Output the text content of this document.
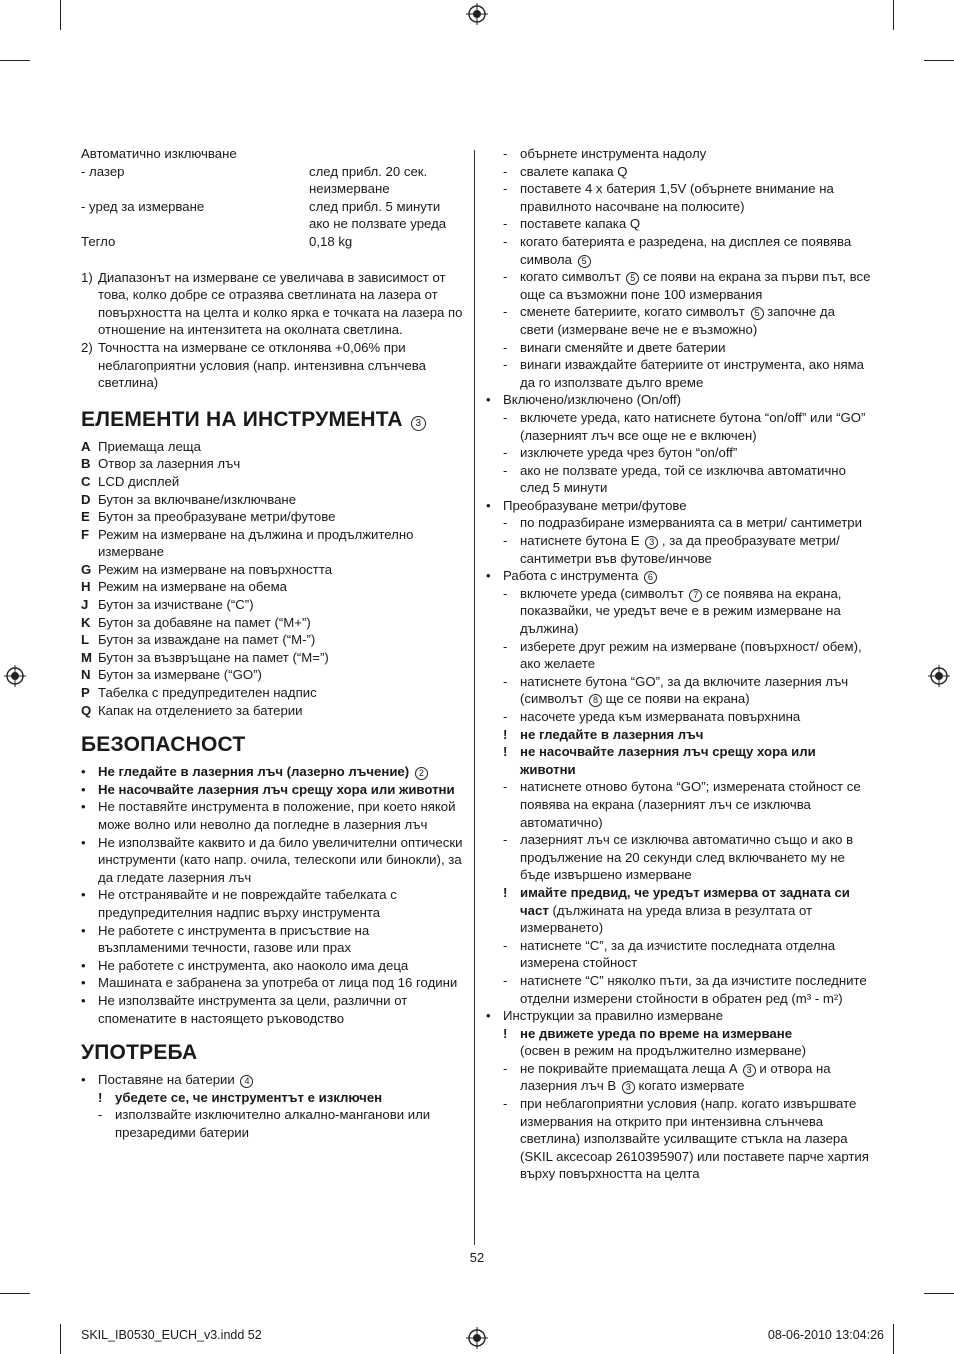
Автоматично изключване
- лазер	след прибл. 20 сек. неизмерване
- уред за измерване	след прибл. 5 минути ако не ползвате уреда
Тегло	0,18 kg
1) Диапазонът на измерване се увеличава в зависимост от това, колко добре се отразява светлината на лазера от повърхността на целта и колко ярка е точката на лазера по отношение на интензитета на околната светлина.
2) Точността на измерване се отклонява +0,06% при неблагоприятни условия (напр. интензивна слънчева светлина)
ЕЛЕМЕНТИ НА ИНСТРУМЕНТА 3
A Приемаща леща
B Отвор за лазерния лъч
C LCD дисплей
D Бутон за включване/изключване
E Бутон за преобразуване метри/футове
F Режим на измерване на дължина и продължително измерване
G Режим на измерване на повърхността
H Режим на измерване на обема
J Бутон за изчистване (“C”)
K Бутон за добавяне на памет (“M+”)
L Бутон за изваждане на памет (“M-”)
M Бутон за възвръщане на памет (“M=”)
N Бутон за измерване (“GO”)
P Табелка с предупредителен надпис
Q Капак на отделението за батерии
БЕЗОПАСНОСТ
• Не гледайте в лазерния лъч (лазерно лъчение) 2
• Не насочвайте лазерния лъч срещу хора или животни
• Не поставяйте инструмента в положение, при което някой може волно или неволно да погледне в лазерния лъч
• Не използвайте каквито и да било увеличителни оптически инструменти (като напр. очила, телескопи или бинокли), за да гледате лазерния лъч
• Не отстранявайте и не повреждайте табелката с предупредителния надпис върху инструмента
• Не работете с инструмента в присъствие на възпламеними течности, газове или прах
• Не работете с инструмента, ако наоколо има деца
• Машината е забранена за употреба от лица под 16 години
• Не използвайте инструмента за цели, различни от споменатите в настоящето ръководство
УПОТРЕБА
• Поставяне на батерии 4
! убедете се, че инструментът е изключен
- използвайте изключително алкално-манганови или презаредими батерии
- обърнете инструмента надолу
- свалете капака Q
- поставете 4 x батерия 1,5V (обърнете внимание на правилното насочване на полюсите)
- поставете капака Q
- когато батерията е разредена, на дисплея се появява символа 5
- когато символът 5 се появи на екрана за първи път, все още са възможни поне 100 измервания
- сменете батериите, когато символът 5 започне да свети (измерване вече не е възможно)
- винаги сменяйте и двете батерии
- винаги изваждайте батериите от инструмента, ако няма да го използвате дълго време
• Включено/изключено (On/off)
- включете уреда, като натиснете бутона “on/off” или “GO” (лазерният лъч все още не е включен)
- изключете уреда чрез бутон “on/off”
- ако не ползвате уреда, той се изключва автоматично след 5 минути
• Преобразуване метри/футове
- по подразбиране измерванията са в метри/ сантиметри
- натиснете бутона E 3 , за да преобразувате метри/сантиметри във футове/инчове
• Работа с инструмента 6
- включете уреда (символът 7 се появява на екрана, показвайки, че уредът вече е в режим измерване на дължина)
- изберете друг режим на измерване (повърхност/ обем), ако желаете
- натиснете бутона “GO”, за да включите лазерния лъч (символът 8 ще се появи на екрана)
- насочете уреда към измерваната повърхнина
! не гледайте в лазерния лъч
! не насочвайте лазерния лъч срещу хора или животни
- натиснете отново бутона “GO”; измерената стойност се появява на екрана (лазерният лъч се изключва автоматично)
- лазерният лъч се изключва автоматично също и ако в продължение на 20 секунди след включването му не бъде извършено измерване
! имайте предвид, че уредът измерва от задната си част (дължината на уреда влиза в резултата от измерването)
- натиснете “C”, за да изчистите последната отделна измерена стойност
- натиснете “C” няколко пъти, за да изчистите последните отделни измерени стойности в обратен ред (m³ - m²)
• Инструкции за правилно измерване
! не движете уреда по време на измерване
(освен в режим на продължително измерване)
- не покривайте приемащата леща A 3 и отвора на лазерния лъч B 3 когато измервате
- при неблагоприятни условия (напр. когато извършвате измервания на открито при интензивна слънчева светлина) използвайте усилващите стъкла на лазера (SKIL аксесоар 2610395907) или поставете парче хартия върху повърхността на целта
52
SKIL_IB0530_EUCH_v3.indd 52	08-06-2010 13:04:26
